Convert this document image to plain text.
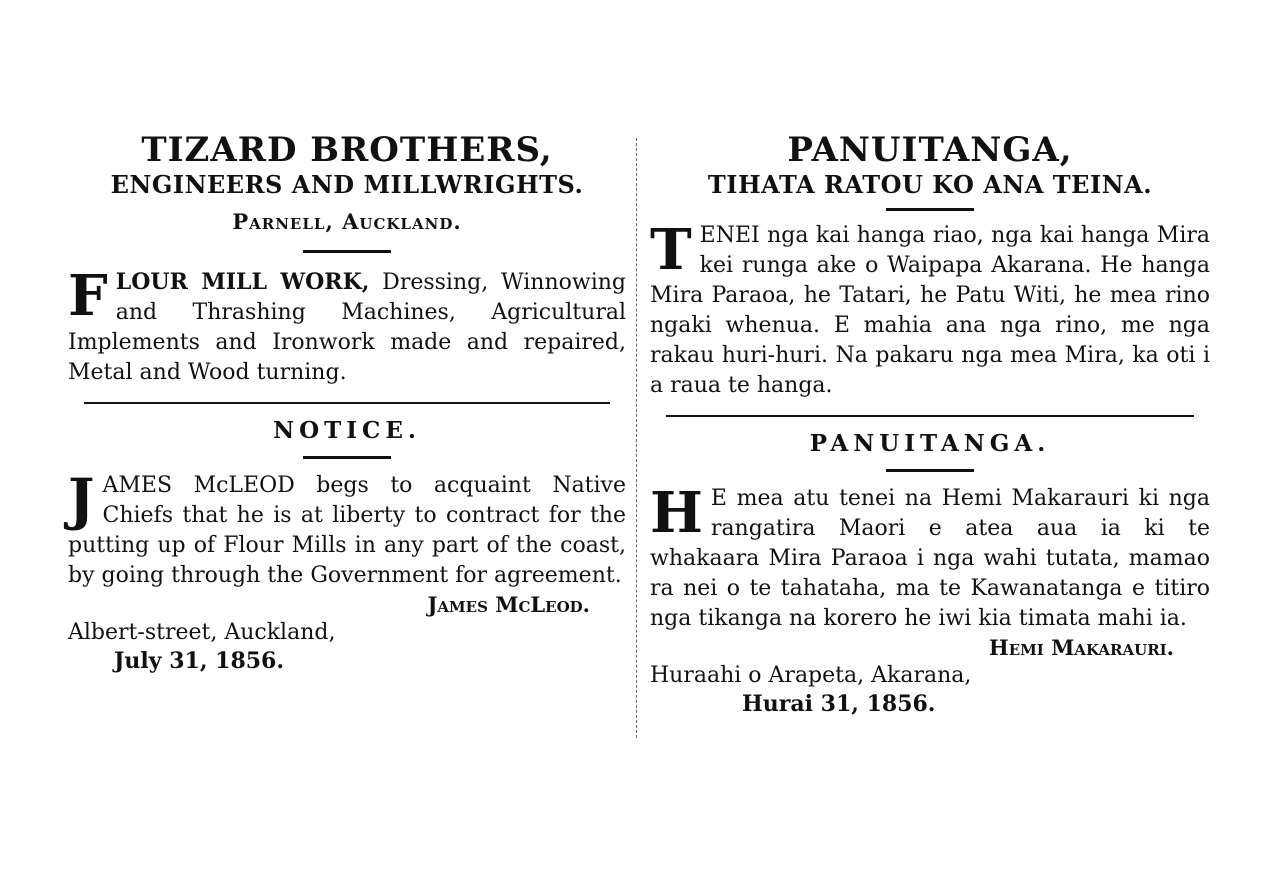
TIZARD BROTHERS,
ENGINEERS AND MILLWRIGHTS.
Parnell, Auckland.

FLOUR MILL WORK, Dressing, Winnowing and Thrashing Machines, Agricultural Implements and Ironwork made and repaired, Metal and Wood turning.

NOTICE.

JAMES McLEOD begs to acquaint Native Chiefs that he is at liberty to contract for the putting up of Flour Mills in any part of the coast, by going through the Government for agreement.

James McLeod.
Albert-street, Auckland,
July 31, 1856.
PANUITANGA,
TIHATA RATOU KO ANA TEINA.

TENEI nga kai hanga riao, nga kai hanga Mira kei runga ake o Waipapa Akarana. He hanga Mira Paraoa, he Tatari, he Patu Witi, he mea rino ngaki whenua. E mahia ana nga rino, me nga rakau huri-huri. Na pakaru nga mea Mira, ka oti i a raua te hanga.

PANUITANGA.

H E mea atu tenei na Hemi Makarauri ki nga rangatira Maori e atea aua ia ki te whakaara Mira Paraoa i nga wahi tutata, mamao ra nei o te tahataha, ma te Kawanatanga e titiro nga tikanga na korero he iwi kia timata mahi ia.

Hemi Makarauri.
Huraahi o Arapeta, Akarana,
Hurai 31, 1856.
